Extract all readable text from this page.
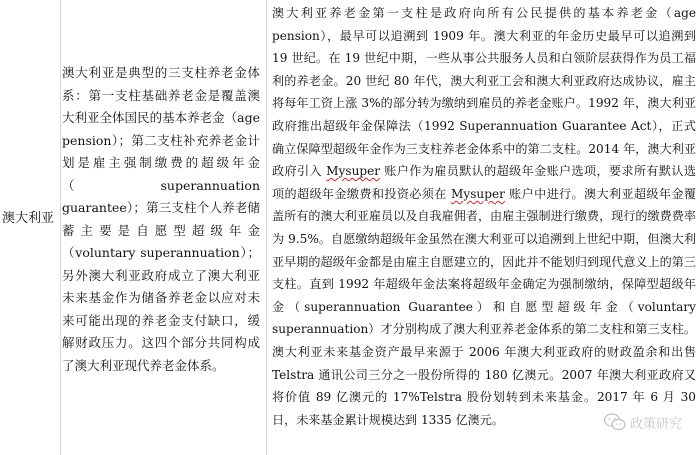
澳大利亚
澳大利亚是典型的三支柱养老金体系：第一支柱基础养老金是覆盖澳大利亚全体国民的基本养老金（age pension）；第二支柱补充养老金计划是雇主强制缴费的超级年金（superannuation guarantee）；第三支柱个人养老储蓄主要是自愿型超级年金（voluntary superannuation）；另外澳大利亚政府成立了澳大利亚未来基金作为储备养老金以应对未来可能出现的养老金支付缺口，缓解财政压力。这四个部分共同构成了澳大利亚现代养老金体系。
澳大利亚养老金第一支柱是政府向所有公民提供的基本养老金（age pension），最早可以追溯到 1909 年。澳大利亚的年金历史最早可以追溯到 19 世纪。在 19 世纪中期，一些从事公共服务人员和白领阶层获得作为员工福利的养老金。20 世纪 80 年代，澳大利亚工会和澳大利亚政府达成协议，雇主将每年工资上涨 3%的部分转为缴纳到雇员的养老金账户。1992 年，澳大利亚政府推出超级年金保障法（1992 Superannuation Guarantee Act），正式确立保障型超级年金作为三支柱养老金体系中的第二支柱。2014 年，澳大利亚政府引入 Mysuper 账户作为雇员默认的超级年金账户选项，要求所有默认选项的超级年金缴费和投资必须在 Mysuper 账户中进行。澳大利亚超级年金覆盖所有的澳大利亚雇员以及自我雇佣者，由雇主强制进行缴费，现行的缴费费率为 9.5%。自愿缴纳超级年金虽然在澳大利亚可以追溯到上世纪中期，但澳大利亚早期的超级年金都是由雇主自愿建立的，因此并不能划归到现代意义上的第三支柱。直到 1992 年超级年金法案将超级年金确定为强制缴纳，保障型超级年金（superannuation Guarantee）和自愿型超级年金（voluntary superannuation）才分别构成了澳大利亚养老金体系的第二支柱和第三支柱。澳大利亚未来基金资产最早来源于 2006 年澳大利亚政府的财政盈余和出售 Telstra 通讯公司三分之一股份所得的 180 亿澳元。2007 年澳大利亚政府又将价值 89 亿澳元的 17%Telstra 股份划转到未来基金。2017 年 6 月 30 日，未来基金累计规模达到 1335 亿澳元。	政策研究
